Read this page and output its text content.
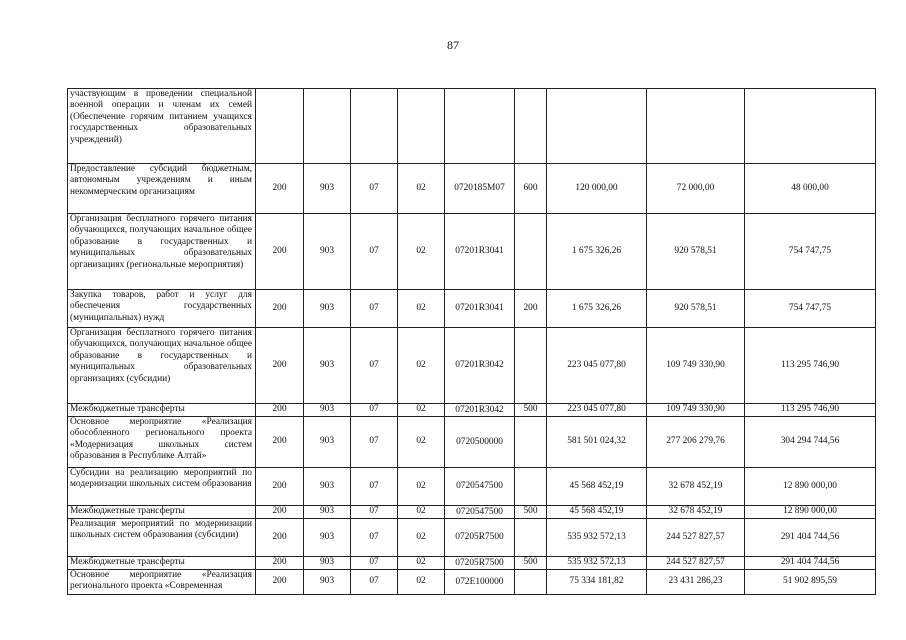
87
участвующим в проведении специальной военной операции и членам их семей (Обеспечение горячим питанием учащихся государственных образовательных учреждений)									
Предоставление субсидий бюджетным, автономным учреждениям и иным некоммерческим организациям	200	903	07	02	0720185М07	600	120 000,00	72 000,00	48 000,00
Организация бесплатного горячего питания обучающихся, получающих начальное общее образование в государственных и муниципальных образовательных организациях (региональные мероприятия)	200	903	07	02	07201R3041		1 675 326,26	920 578,51	754 747,75
Закупка товаров, работ и услуг для обеспечения государственных (муниципальных) нужд	200	903	07	02	07201R3041	200	1 675 326,26	920 578,51	754 747,75
Организация бесплатного горячего питания обучающихся, получающих начальное общее образование в государственных и муниципальных образовательных организациях (субсидии)	200	903	07	02	07201R3042		223 045 077,80	109 749 330,90	113 295 746,90
Межбюджетные трансферты	200	903	07	02	07201R3042	500	223 045 077,80	109 749 330,90	113 295 746,90
Основное мероприятие «Реализация обособленного регионального проекта «Модернизация школьных систем образования в Республике Алтай»	200	903	07	02	0720500000		581 501 024,32	277 206 279,76	304 294 744,56
Субсидии на реализацию мероприятий по модернизации школьных систем образования	200	903	07	02	0720547500		45 568 452,19	32 678 452,19	12 890 000,00
Межбюджетные трансферты	200	903	07	02	0720547500	500	45 568 452,19	32 678 452,19	12 890 000,00
Реализация мероприятий по модернизации школьных систем образования (субсидии)	200	903	07	02	07205R7500		535 932 572,13	244 527 827,57	291 404 744,56
Межбюджетные трансферты	200	903	07	02	07205R7500	500	535 932 572,13	244 527 827,57	291 404 744,56
Основное мероприятие «Реализация регионального проекта «Современная	200	903	07	02	072E100000		75 334 181,82	23 431 286,23	51 902 895,59
